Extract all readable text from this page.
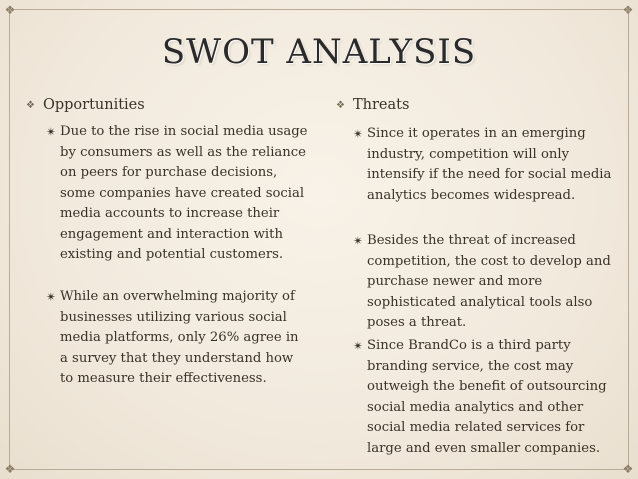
❖	❖
❖	❖
SWOT ANALYSIS
❖ Opportunities
✴ Due to the rise in social media usage by consumers as well as the reliance on peers for purchase decisions, some companies have created social media accounts to increase their engagement and interaction with existing and potential customers.
✴ While an overwhelming majority of businesses utilizing various social media platforms, only 26% agree in a survey that they understand how to measure their effectiveness.
❖ Threats
✴ Since it operates in an emerging industry, competition will only intensify if the need for social media analytics becomes widespread.
✴ Besides the threat of increased competition, the cost to develop and purchase newer and more sophisticated analytical tools also poses a threat.
✴ Since BrandCo is a third party branding service, the cost may outweigh the benefit of outsourcing social media analytics and other social media related services for large and even smaller companies.
